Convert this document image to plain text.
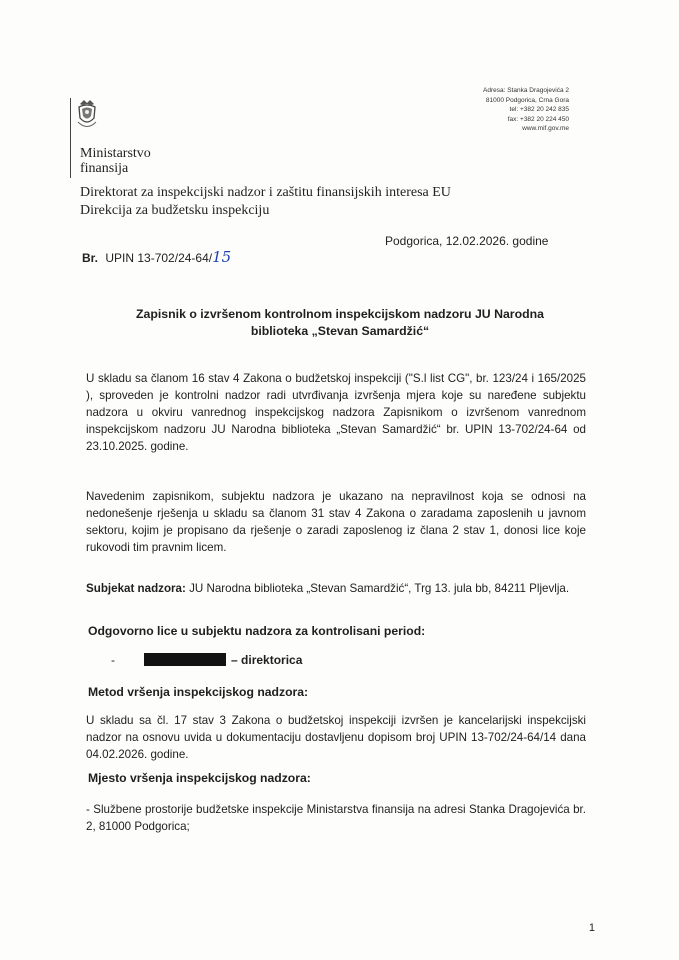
Adresa: Stanka Dragojevića 2
81000 Podgorica, Crna Gora
tel: +382 20 242 835
fax: +382 20 224 450
www.mif.gov.me
Ministarstvo
finansija
Direktorat za inspekcijski nadzor i zaštitu finansijskih interesa EU
Direkcija za budžetsku inspekciju
Br. UPIN 13-702/24-64/15
Podgorica, 12.02.2026. godine
Zapisnik o izvršenom kontrolnom inspekcijskom nadzoru JU Narodna
biblioteka „Stevan Samardžić“
U skladu sa članom 16 stav 4 Zakona o budžetskoj inspekciji ("S.l list CG", br. 123/24 i 165/2025 ), sproveden je kontrolni nadzor radi utvrđivanja izvršenja mjera koje su naređene subjektu nadzora u okviru vanrednog inspekcijskog nadzora Zapisnikom o izvršenom vanrednom inspekcijskom nadzoru JU Narodna biblioteka „Stevan Samardžić“ br. UPIN 13-702/24-64 od 23.10.2025. godine.
Navedenim zapisnikom, subjektu nadzora je ukazano na nepravilnost koja se odnosi na nedonešenje rješenja u skladu sa članom 31 stav 4 Zakona o zaradama zaposlenih u javnom sektoru, kojim je propisano da rješenje o zaradi zaposlenog iz člana 2 stav 1, donosi lice koje rukovodi tim pravnim licem.
Subjekat nadzora: JU Narodna biblioteka „Stevan Samardžić“, Trg 13. jula bb, 84211 Pljevlja.
Odgovorno lice u subjektu nadzora za kontrolisani period:
-	– direktorica
Metod vršenja inspekcijskog nadzora:
U skladu sa čl. 17 stav 3 Zakona o budžetskoj inspekciji izvršen je kancelarijski inspekcijski nadzor na osnovu uvida u dokumentaciju dostavljenu dopisom broj UPIN 13-702/24-64/14 dana 04.02.2026. godine.
Mjesto vršenja inspekcijskog nadzora:
- Službene prostorije budžetske inspekcije Ministarstva finansija na adresi Stanka Dragojevića br. 2, 81000 Podgorica;
1
